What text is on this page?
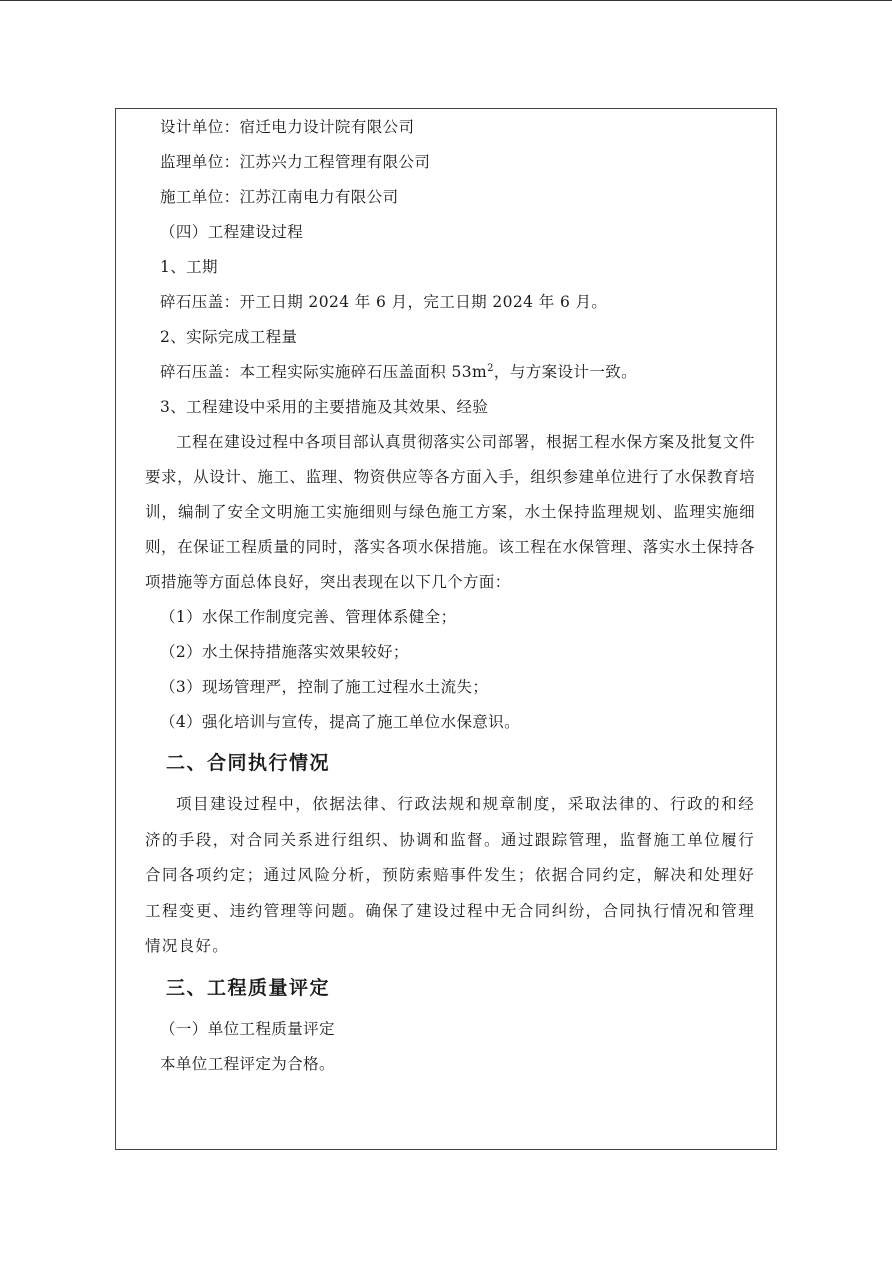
设计单位：宿迁电力设计院有限公司
监理单位：江苏兴力工程管理有限公司
施工单位：江苏江南电力有限公司
（四）工程建设过程
1、工期
碎石压盖：开工日期 2024 年 6 月，完工日期 2024 年 6 月。
2、实际完成工程量
碎石压盖：本工程实际实施碎石压盖面积 $53m^2$，与方案设计一致。
3、工程建设中采用的主要措施及其效果、经验
工程在建设过程中各项目部认真贯彻落实公司部署，根据工程水保方案及批复文件要求，从设计、施工、监理、物资供应等各方面入手，组织参建单位进行了水保教育培训，编制了安全文明施工实施细则与绿色施工方案，水土保持监理规划、监理实施细则，在保证工程质量的同时，落实各项水保措施。该工程在水保管理、落实水土保持各项措施等方面总体良好，突出表现在以下几个方面：
（1）水保工作制度完善、管理体系健全；
（2）水土保持措施落实效果较好；
（3）现场管理严，控制了施工过程水土流失；
（4）强化培训与宣传，提高了施工单位水保意识。
二、合同执行情况
项目建设过程中，依据法律、行政法规和规章制度，采取法律的、行政的和经济的手段，对合同关系进行组织、协调和监督。通过跟踪管理，监督施工单位履行合同各项约定；通过风险分析，预防索赔事件发生；依据合同约定，解决和处理好工程变更、违约管理等问题。确保了建设过程中无合同纠纷，合同执行情况和管理情况良好。
三、工程质量评定
（一）单位工程质量评定
本单位工程评定为合格。
